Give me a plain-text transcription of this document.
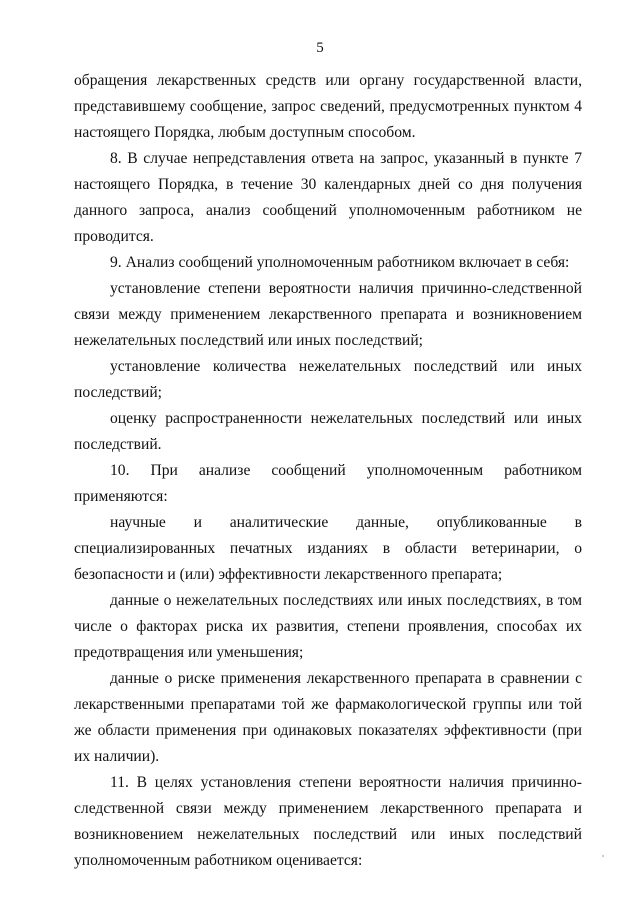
5

обращения лекарственных средств или органу государственной власти, представившему сообщение, запрос сведений, предусмотренных пунктом 4 настоящего Порядка, любым доступным способом.

8. В случае непредставления ответа на запрос, указанный в пункте 7 настоящего Порядка, в течение 30 календарных дней со дня получения данного запроса, анализ сообщений уполномоченным работником не проводится.

9. Анализ сообщений уполномоченным работником включает в себя:

установление степени вероятности наличия причинно-следственной связи между применением лекарственного препарата и возникновением нежелательных последствий или иных последствий;

установление количества нежелательных последствий или иных последствий;

оценку распространенности нежелательных последствий или иных последствий.

10. При анализе сообщений уполномоченным работником применяются:

научные и аналитические данные, опубликованные в специализированных печатных изданиях в области ветеринарии, о безопасности и (или) эффективности лекарственного препарата;

данные о нежелательных последствиях или иных последствиях, в том числе о факторах риска их развития, степени проявления, способах их предотвращения или уменьшения;

данные о риске применения лекарственного препарата в сравнении с лекарственными препаратами той же фармакологической группы или той же области применения при одинаковых показателях эффективности (при их наличии).

11. В целях установления степени вероятности наличия причинно-следственной связи между применением лекарственного препарата и возникновением нежелательных последствий или иных последствий уполномоченным работником оценивается:
